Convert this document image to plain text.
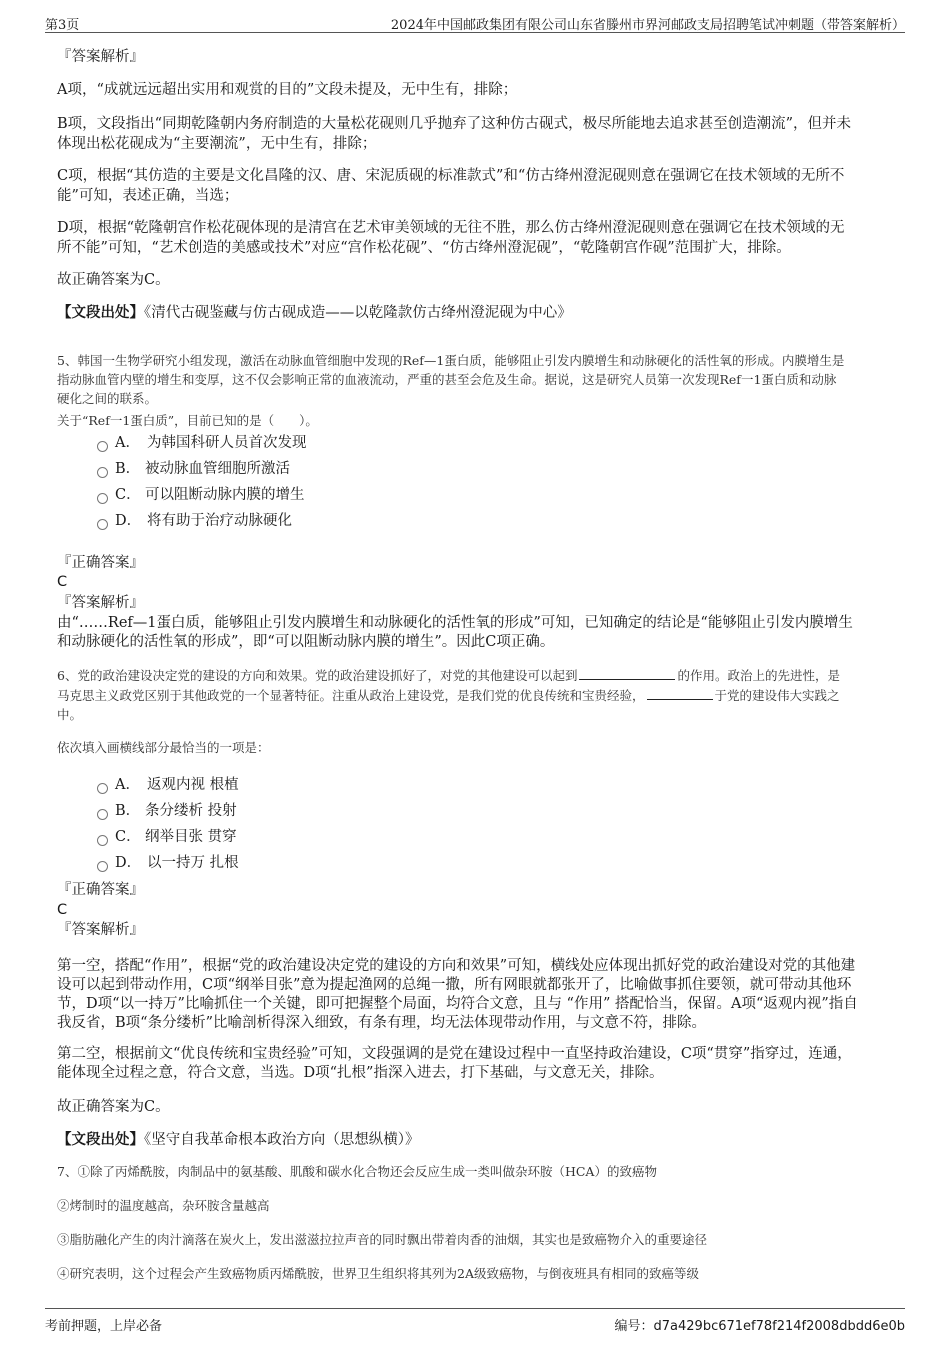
第3页	2024年中国邮政集团有限公司山东省滕州市界河邮政支局招聘笔试冲刺题（带答案解析）
『答案解析』
A项，“成就远远超出实用和观赏的目的”文段未提及，无中生有，排除；
B项，文段指出“同期乾隆朝内务府制造的大量松花砚则几乎抛弃了这种仿古砚式，极尽所能地去追求甚至创造潮流”，但并未
体现出松花砚成为“主要潮流”，无中生有，排除；
C项，根据“其仿造的主要是文化昌隆的汉、唐、宋泥质砚的标准款式”和“仿古绛州澄泥砚则意在强调它在技术领域的无所不
能”可知，表述正确，当选；
D项，根据“乾隆朝宫作松花砚体现的是清宫在艺术审美领域的无往不胜，那么仿古绛州澄泥砚则意在强调它在技术领域的无
所不能”可知，“艺术创造的美感或技术”对应“宫作松花砚”、“仿古绛州澄泥砚”，“乾隆朝宫作砚”范围扩大，排除。
故正确答案为C。
【文段出处】《清代古砚鉴藏与仿古砚成造——以乾隆款仿古绛州澄泥砚为中心》
5、韩国一生物学研究小组发现，激活在动脉血管细胞中发现的Ref—1蛋白质，能够阻止引发内膜增生和动脉硬化的活性氧的形成。内膜增生是
指动脉血管内壁的增生和变厚，这不仅会影响正常的血液流动，严重的甚至会危及生命。据说，这是研究人员第一次发现Ref一1蛋白质和动脉
硬化之间的联系。
关于“Ref一1蛋白质”，目前已知的是（　　）。
A． 为韩国科研人员首次发现
B． 被动脉血管细胞所激活
C． 可以阻断动脉内膜的增生
D． 将有助于治疗动脉硬化
『正确答案』
C
『答案解析』
由“……Ref—1蛋白质，能够阻止引发内膜增生和动脉硬化的活性氧的形成”可知，已知确定的结论是“能够阻止引发内膜增生
和动脉硬化的活性氧的形成”，即“可以阻断动脉内膜的增生”。因此C项正确。
6、党的政治建设决定党的建设的方向和效果。党的政治建设抓好了，对党的其他建设可以起到	的作用。政治上的先进性，是
马克思主义政党区别于其他政党的一个显著特征。注重从政治上建设党，是我们党的优良传统和宝贵经验，	于党的建设伟大实践之
中。
依次填入画横线部分最恰当的一项是：
A． 返观内视 根植
B． 条分缕析 投射
C． 纲举目张 贯穿
D． 以一持万 扎根
『正确答案』
C
『答案解析』
第一空，搭配“作用”，根据“党的政治建设决定党的建设的方向和效果”可知，横线处应体现出抓好党的政治建设对党的其他建
设可以起到带动作用，C项“纲举目张”意为提起渔网的总绳一撒，所有网眼就都张开了，比喻做事抓住要领，就可带动其他环
节，D项“以一持万”比喻抓住一个关键，即可把握整个局面，均符合文意，且与 “作用” 搭配恰当，保留。A项“返观内视”指自
我反省，B项“条分缕析”比喻剖析得深入细致，有条有理，均无法体现带动作用，与文意不符，排除。
第二空，根据前文“优良传统和宝贵经验”可知，文段强调的是党在建设过程中一直坚持政治建设，C项“贯穿”指穿过，连通，
能体现全过程之意，符合文意，当选。D项“扎根”指深入进去，打下基础，与文意无关，排除。
故正确答案为C。
【文段出处】《坚守自我革命根本政治方向（思想纵横）》
7、①除了丙烯酰胺，肉制品中的氨基酸、肌酸和碳水化合物还会反应生成一类叫做杂环胺（HCA）的致癌物
②烤制时的温度越高，杂环胺含量越高
③脂肪融化产生的肉汁滴落在炭火上，发出滋滋拉拉声音的同时飘出带着肉香的油烟，其实也是致癌物介入的重要途径
④研究表明，这个过程会产生致癌物质丙烯酰胺，世界卫生组织将其列为2A级致癌物，与倒夜班具有相同的致癌等级
考前押题，上岸必备	编号：d7a429bc671ef78f214f2008dbdd6e0b
